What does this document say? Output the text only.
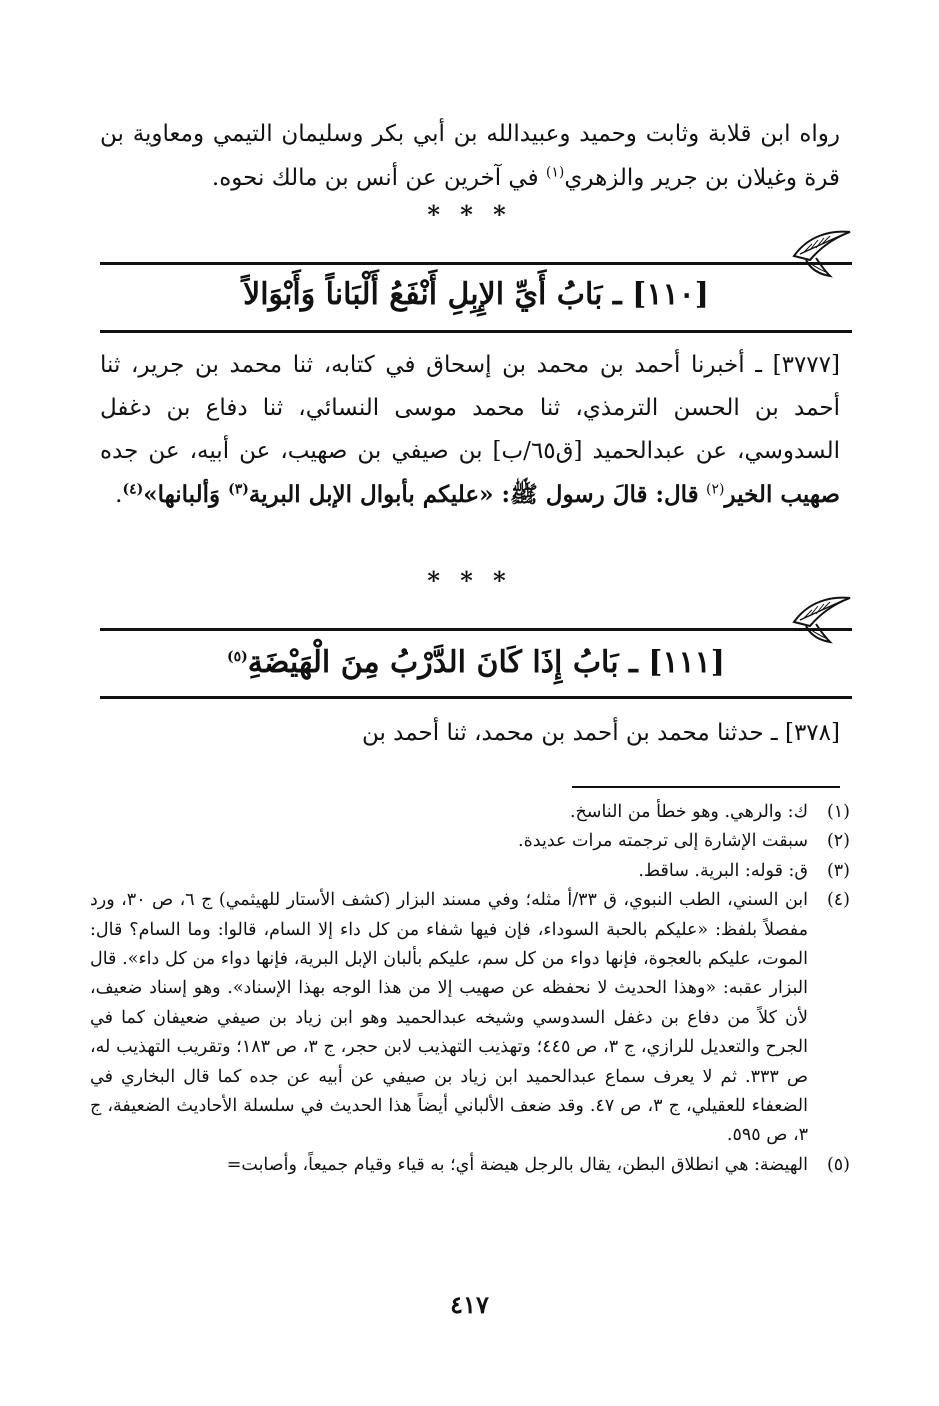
رواه ابن قلابة وثابت وحميد وعبيدالله بن أبي بكر وسليمان التيمي ومعاوية بن قرة وغيلان بن جرير والزهري$^{(١)}$ في آخرين عن أنس بن مالك نحوه.
* * *
[١١٠] ـ بَابُ أَيِّ الإِبِلِ أَنْفَعُ أَلْبَاناً وَأَبْوَالاً
[٣٧٧٧] ـ أخبرنا أحمد بن محمد بن إسحاق في كتابه، ثنا محمد بن جرير، ثنا أحمد بن الحسن الترمذي، ثنا محمد موسى النسائي، ثنا دفاع بن دغفل السدوسي، عن عبدالحميد [ق٦٥/ب] بن صيفي بن صهيب، عن أبيه، عن جده صهيب الخير$^{(٢)}$ قال: قالَ رسول ﷺ: «عليكم بأبوال الإبل البرية$^{(٣)}$ وَألبانها»$^{(٤)}$.
* * *
[١١١] ـ بَابُ إِذَا كَانَ الدَّرْبُ مِنَ الْهَيْضَةِ$^{(٥)}$
[٣٧٨] ـ حدثنا محمد بن أحمد بن محمد، ثنا أحمد بن
(١)
ك: والرهي. وهو خطأ من الناسخ.
(٢)
سبقت الإشارة إلى ترجمته مرات عديدة.
(٣)
ق: قوله: البرية. ساقط.
(٤)
ابن السني، الطب النبوي، ق ٣٣/أ مثله؛ وفي مسند البزار (كشف الأستار للهيثمي) ج ٦، ص ٣٠، ورد مفصلاً بلفظ: «عليكم بالحبة السوداء، فإن فيها شفاء من كل داء إلا السام، قالوا: وما السام؟ قال: الموت، عليكم بالعجوة، فإنها دواء من كل سم، عليكم بألبان الإبل البرية، فإنها دواء من كل داء». قال البزار عقبه: «وهذا الحديث لا نحفظه عن صهيب إلا من هذا الوجه بهذا الإسناد». وهو إسناد ضعيف، لأن كلاً من دفاع بن دغفل السدوسي وشيخه عبدالحميد وهو ابن زياد بن صيفي ضعيفان كما في الجرح والتعديل للرازي، ج ٣، ص ٤٤٥؛ وتهذيب التهذيب لابن حجر، ج ٣، ص ١٨٣؛ وتقريب التهذيب له، ص ٣٣٣. ثم لا يعرف سماع عبدالحميد ابن زياد بن صيفي عن أبيه عن جده كما قال البخاري في الضعفاء للعقيلي، ج ٣، ص ٤٧. وقد ضعف الألباني أيضاً هذا الحديث في سلسلة الأحاديث الضعيفة، ج ٣، ص ٥٩٥.
(٥)
الهيضة: هي انطلاق البطن، يقال بالرجل هيضة أي؛ به قياء وقيام جميعاً، وأصابت=
٤١٧
